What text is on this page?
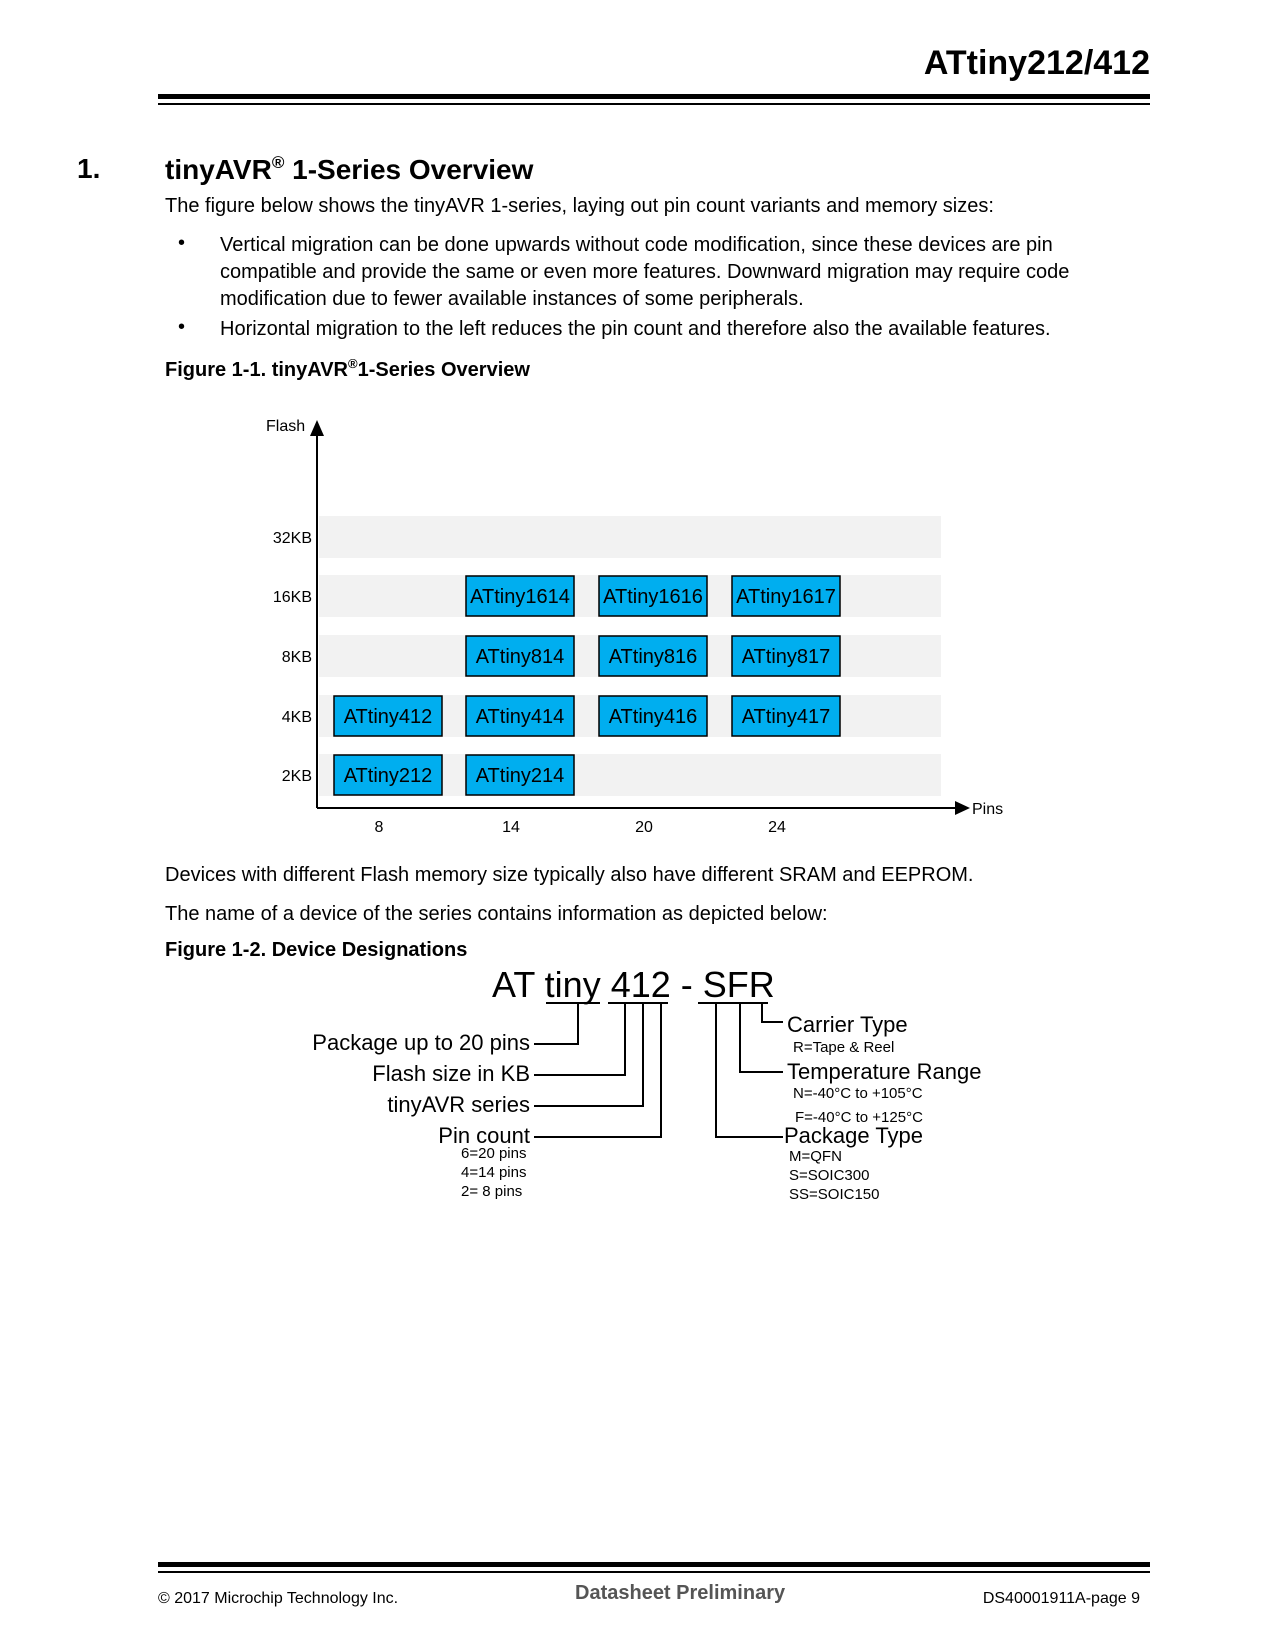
ATtiny212/412
1. tinyAVR® 1-Series Overview
The figure below shows the tinyAVR 1-series, laying out pin count variants and memory sizes:
• Vertical migration can be done upwards without code modification, since these devices are pin compatible and provide the same or even more features. Downward migration may require code modification due to fewer available instances of some peripherals.
• Horizontal migration to the left reduces the pin count and therefore also the available features.
Figure 1-1. tinyAVR®1-Series Overview
Flash
Pins
32KB
16KB
8KB
4KB
2KB
8	14	20	24
ATtiny1614 ATtiny1616 ATtiny1617
ATtiny814 ATtiny816 ATtiny817
ATtiny412 ATtiny414 ATtiny416 ATtiny417
ATtiny212 ATtiny214
Devices with different Flash memory size typically also have different SRAM and EEPROM.
The name of a device of the series contains information as depicted below:
Figure 1-2. Device Designations
AT tiny 412 - SFR
Package up to 20 pins
Flash size in KB
tinyAVR series
Pin count
6=20 pins
4=14 pins
2= 8 pins
Carrier Type
R=Tape & Reel
Temperature Range
N=-40°C to +105°C
F=-40°C to +125°C
Package Type
M=QFN
S=SOIC300
SS=SOIC150
© 2017 Microchip Technology Inc.	Datasheet Preliminary	DS40001911A-page 9
